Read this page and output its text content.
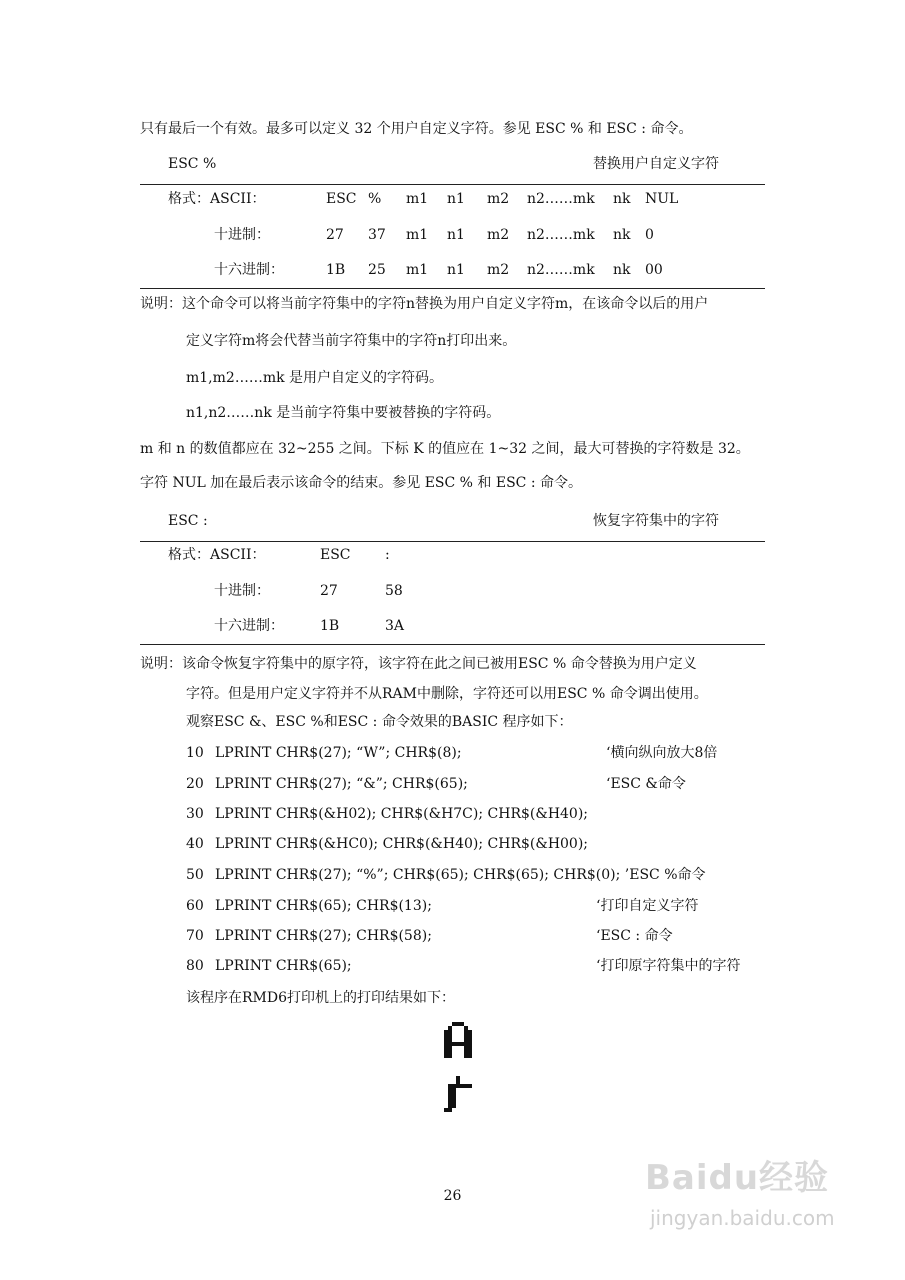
只有最后一个有效。最多可以定义 32 个用户自定义字符。参见 ESC % 和 ESC : 命令。
ESC %	替换用户自定义字符
格式：ASCII：	ESC % m1 n1 m2 n2……mk nk NUL
十进制：	27 37 m1 n1 m2 n2……mk nk 0
十六进制：	1B 25 m1 n1 m2 n2……mk nk 00
说明：这个命令可以将当前字符集中的字符n替换为用户自定义字符m，在该命令以后的用户
定义字符m将会代替当前字符集中的字符n打印出来。
m1,m2……mk 是用户自定义的字符码。
n1,n2……nk 是当前字符集中要被替换的字符码。
m 和 n 的数值都应在 32~255 之间。下标 K 的值应在 1~32 之间，最大可替换的字符数是 32。
字符 NUL 加在最后表示该命令的结束。参见 ESC % 和 ESC : 命令。
ESC :	恢复字符集中的字符
格式：ASCII：	ESC :
十进制：	27	58
十六进制：	1B	3A
说明：该命令恢复字符集中的原字符，该字符在此之间已被用ESC % 命令替换为用户定义
字符。但是用户定义字符并不从RAM中删除，字符还可以用ESC % 命令调出使用。
观察ESC &、ESC %和ESC : 命令效果的BASIC 程序如下：
10 LPRINT CHR$(27); “W”; CHR$(8);	‘横向纵向放大8倍
20 LPRINT CHR$(27); “&”; CHR$(65);	‘ESC &命令
30 LPRINT CHR$(&H02); CHR$(&H7C); CHR$(&H40);
40 LPRINT CHR$(&HC0); CHR$(&H40); CHR$(&H00);
50 LPRINT CHR$(27); “%”; CHR$(65); CHR$(65); CHR$(0); ’ESC %命令
60 LPRINT CHR$(65); CHR$(13);	‘打印自定义字符
70 LPRINT CHR$(27); CHR$(58);	‘ESC : 命令
80 LPRINT CHR$(65);	‘打印原字符集中的字符
该程序在RMD6打印机上的打印结果如下：
26	Baidu经验
jingyan.baidu.com
